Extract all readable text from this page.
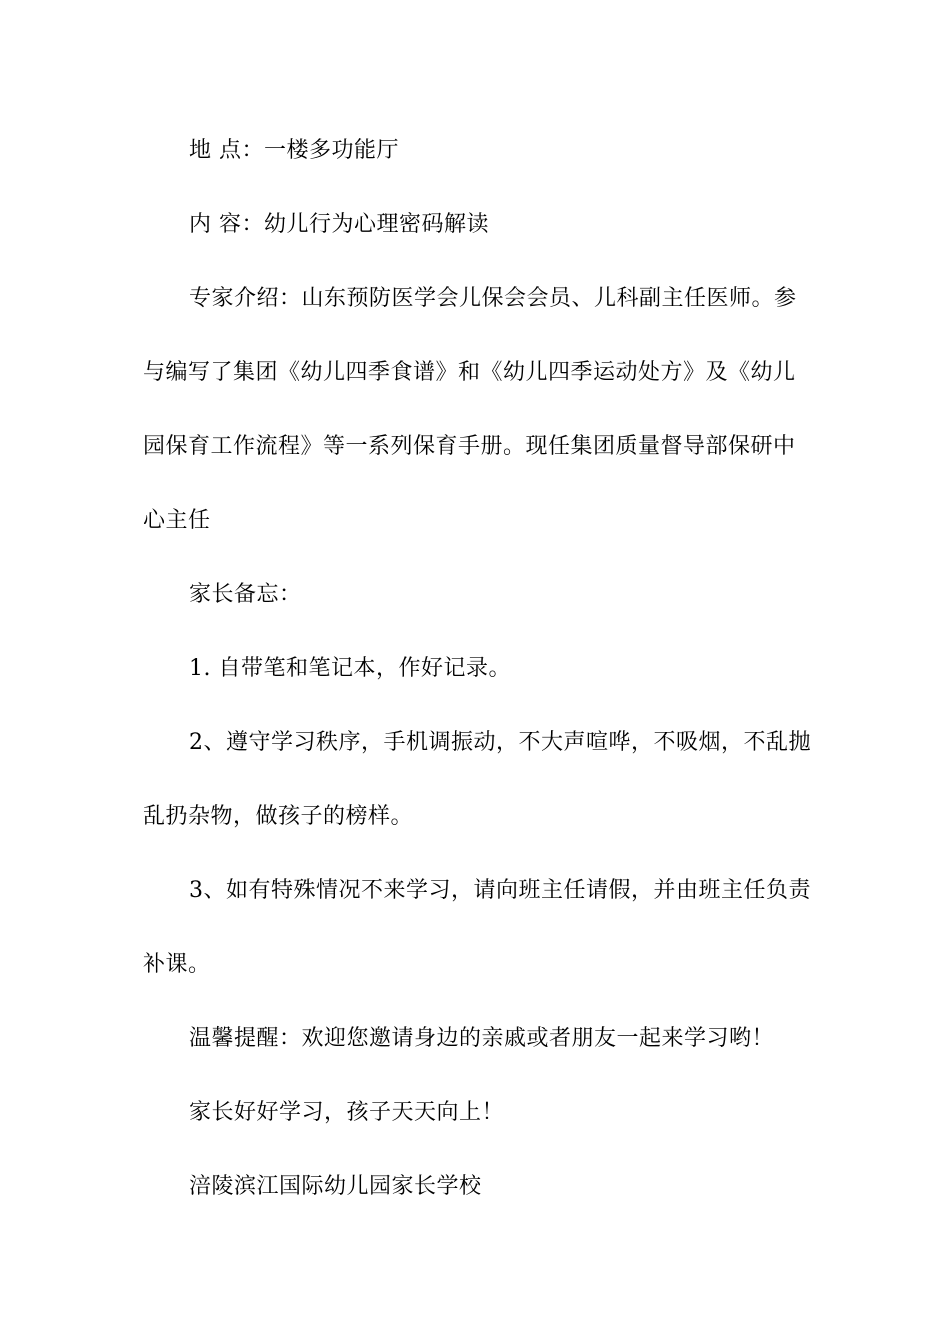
地 点：一楼多功能厅

内 容：幼儿行为心理密码解读

专家介绍：山东预防医学会儿保会会员、儿科副主任医师。参与编写了集团《幼儿四季食谱》和《幼儿四季运动处方》及《幼儿园保育工作流程》等一系列保育手册。现任集团质量督导部保研中心主任

家长备忘：

1. 自带笔和笔记本，作好记录。

2、遵守学习秩序，手机调振动，不大声喧哗，不吸烟，不乱抛乱扔杂物，做孩子的榜样。

3、如有特殊情况不来学习，请向班主任请假，并由班主任负责补课。

温馨提醒：欢迎您邀请身边的亲戚或者朋友一起来学习哟！

家长好好学习，孩子天天向上！

涪陵滨江国际幼儿园家长学校
